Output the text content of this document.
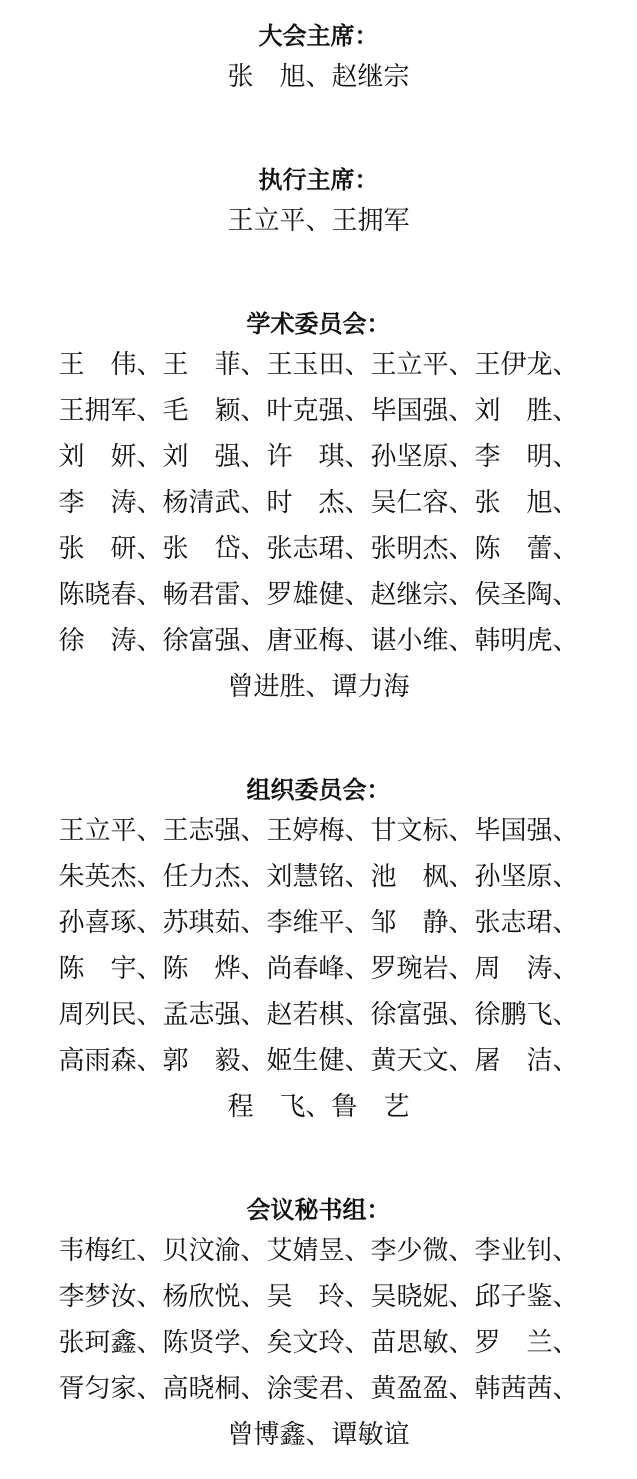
大会主席：
张　旭、赵继宗
执行主席：
王立平、王拥军
学术委员会：
王　伟、王　菲、王玉田、王立平、王伊龙、
王拥军、毛　颖、叶克强、毕国强、刘　胜、
刘　妍、刘　强、许　琪、孙坚原、李　明、
李　涛、杨清武、时　杰、吴仁容、张　旭、
张　研、张　岱、张志珺、张明杰、陈　蕾、
陈晓春、畅君雷、罗雄健、赵继宗、侯圣陶、
徐　涛、徐富强、唐亚梅、谌小维、韩明虎、
曾进胜、谭力海
组织委员会：
王立平、王志强、王婷梅、甘文标、毕国强、
朱英杰、任力杰、刘慧铭、池　枫、孙坚原、
孙喜琢、苏琪茹、李维平、邹　静、张志珺、
陈　宇、陈　烨、尚春峰、罗琬岩、周　涛、
周列民、孟志强、赵若棋、徐富强、徐鹏飞、
高雨森、郭　毅、姬生健、黄天文、屠　洁、
程　飞、鲁　艺
会议秘书组：
韦梅红、贝汶渝、艾婧昱、李少微、李业钊、
李梦汝、杨欣悦、吴　玲、吴晓妮、邱子鉴、
张珂鑫、陈贤学、矣文玲、苗思敏、罗　兰、
胥匀家、高晓桐、涂雯君、黄盈盈、韩茜茜、
曾博鑫、谭敏谊
